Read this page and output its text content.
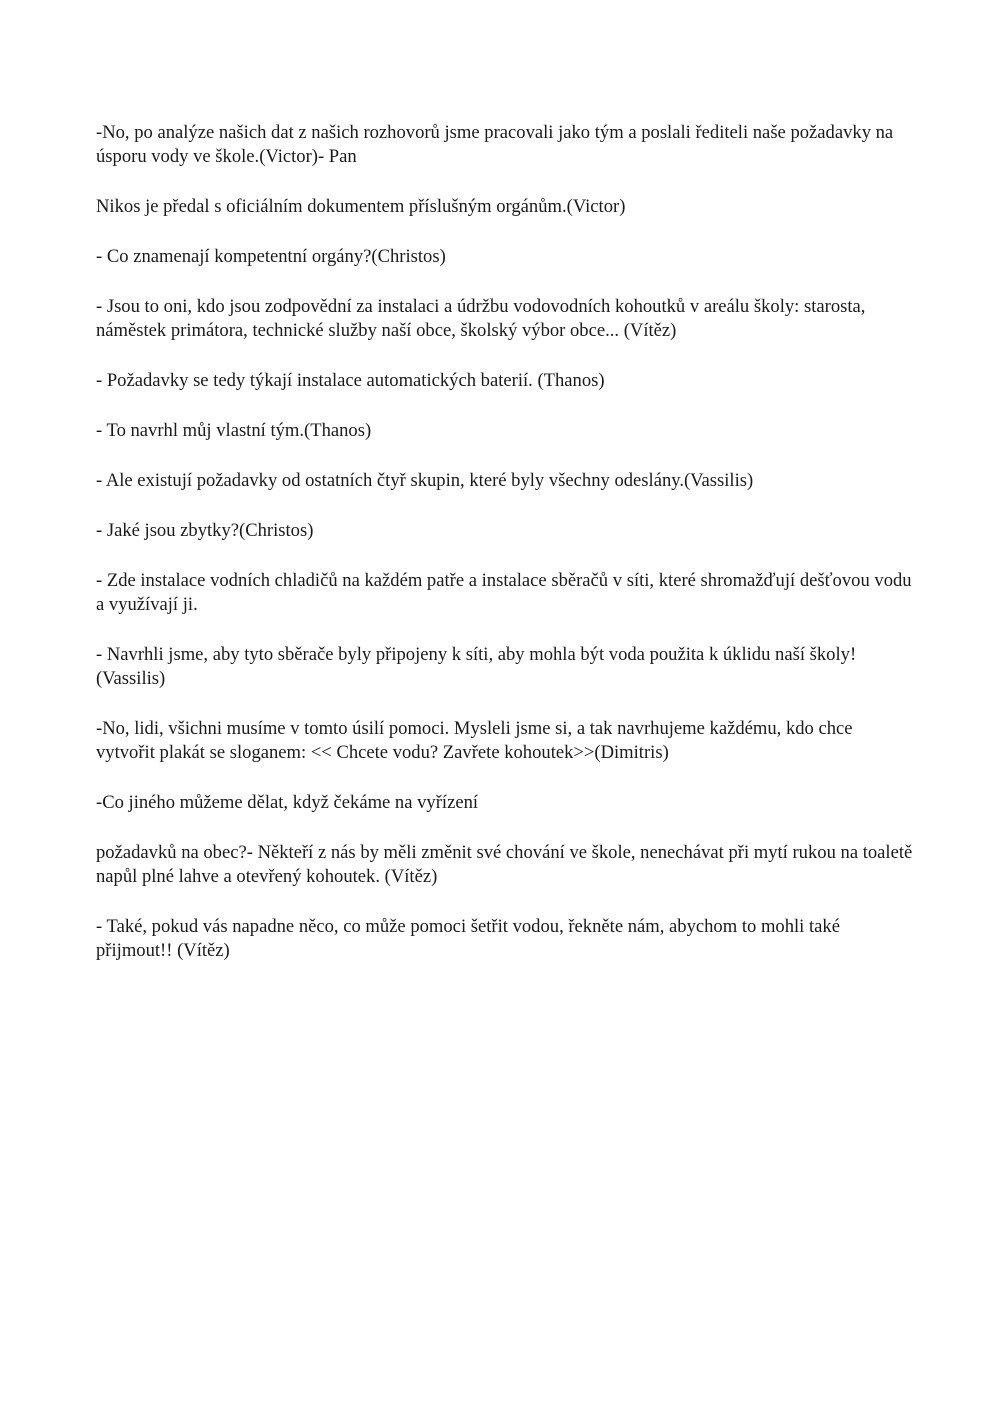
-No, po analýze našich dat z našich rozhovorů jsme pracovali jako tým a poslali řediteli naše požadavky na úsporu vody ve škole.(Victor)- Pan

Nikos je předal s oficiálním dokumentem příslušným orgánům.(Victor)

- Co znamenají kompetentní orgány?(Christos)

- Jsou to oni, kdo jsou zodpovědní za instalaci a údržbu vodovodních kohoutků v areálu školy: starosta, náměstek primátora, technické služby naší obce, školský výbor obce... (Vítěz)

- Požadavky se tedy týkají instalace automatických baterií. (Thanos)

- To navrhl můj vlastní tým.(Thanos)

- Ale existují požadavky od ostatních čtyř skupin, které byly všechny odeslány.(Vassilis)

- Jaké jsou zbytky?(Christos)

- Zde instalace vodních chladičů na každém patře a instalace sběračů v síti, které shromažďují dešťovou vodu a využívají ji.

- Navrhli jsme, aby tyto sběrače byly připojeny k síti, aby mohla být voda použita k úklidu naší školy! (Vassilis)

-No, lidi, všichni musíme v tomto úsilí pomoci. Mysleli jsme si, a tak navrhujeme každému, kdo chce vytvořit plakát se sloganem: << Chcete vodu? Zavřete kohoutek>>(Dimitris)

-Co jiného můžeme dělat, když čekáme na vyřízení

požadavků na obec?- Někteří z nás by měli změnit své chování ve škole, nenechávat při mytí rukou na toaletě napůl plné lahve a otevřený kohoutek. (Vítěz)

- Také, pokud vás napadne něco, co může pomoci šetřit vodou, řekněte nám, abychom to mohli také přijmout!! (Vítěz)
